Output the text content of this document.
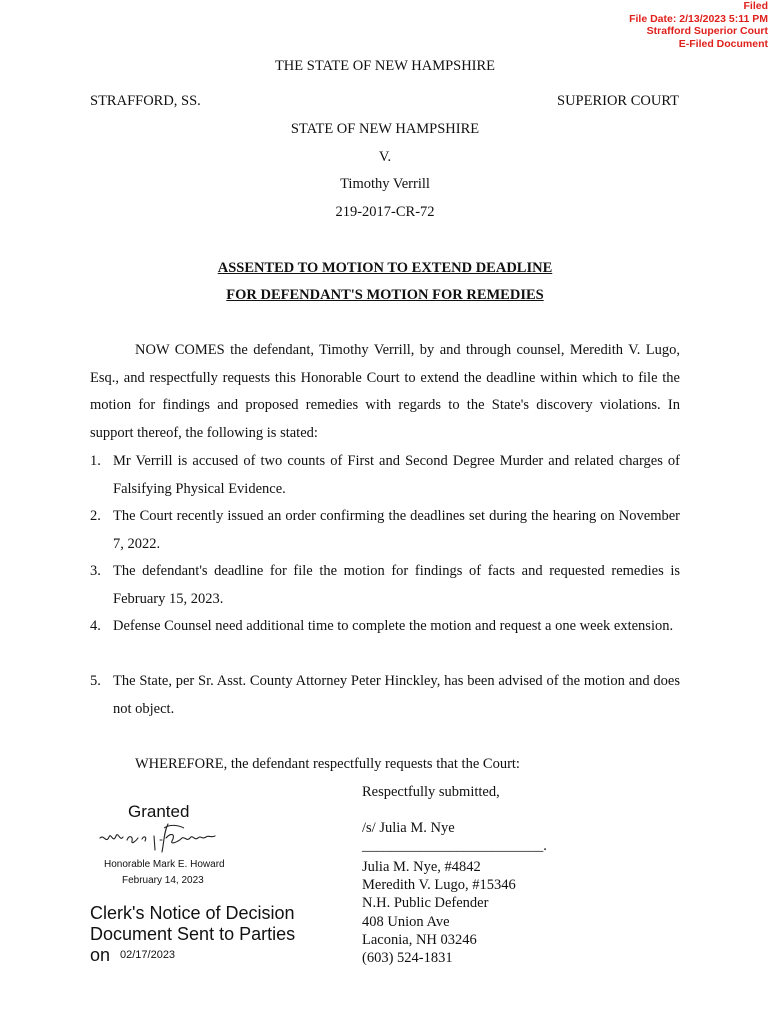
Filed
File Date: 2/13/2023 5:11 PM
Strafford Superior Court
E-Filed Document
THE STATE OF NEW HAMPSHIRE
STRAFFORD, SS.	SUPERIOR COURT
STATE OF NEW HAMPSHIRE
V.
Timothy Verrill
219-2017-CR-72
ASSENTED TO MOTION TO EXTEND DEADLINE
FOR DEFENDANT'S MOTION FOR REMEDIES
NOW COMES the defendant, Timothy Verrill, by and through counsel, Meredith V. Lugo, Esq., and respectfully requests this Honorable Court to extend the deadline within which to file the motion for findings and proposed remedies with regards to the State's discovery violations. In support thereof, the following is stated:
1. Mr Verrill is accused of two counts of First and Second Degree Murder and related charges of Falsifying Physical Evidence.
2. The Court recently issued an order confirming the deadlines set during the hearing on November 7, 2022.
3. The defendant's deadline for file the motion for findings of facts and requested remedies is February 15, 2023.
4. Defense Counsel need additional time to complete the motion and request a one week extension.
5. The State, per Sr. Asst. County Attorney Peter Hinckley, has been advised of the motion and does not object.
WHEREFORE, the defendant respectfully requests that the Court:
Granted
Honorable Mark E. Howard
February 14, 2023
Clerk's Notice of Decision
Document Sent to Parties
on 02/17/2023
Respectfully submitted,
/s/ Julia M. Nye
_________________________.
Julia M. Nye, #4842
Meredith V. Lugo, #15346
N.H. Public Defender
408 Union Ave
Laconia, NH 03246
(603) 524-1831
